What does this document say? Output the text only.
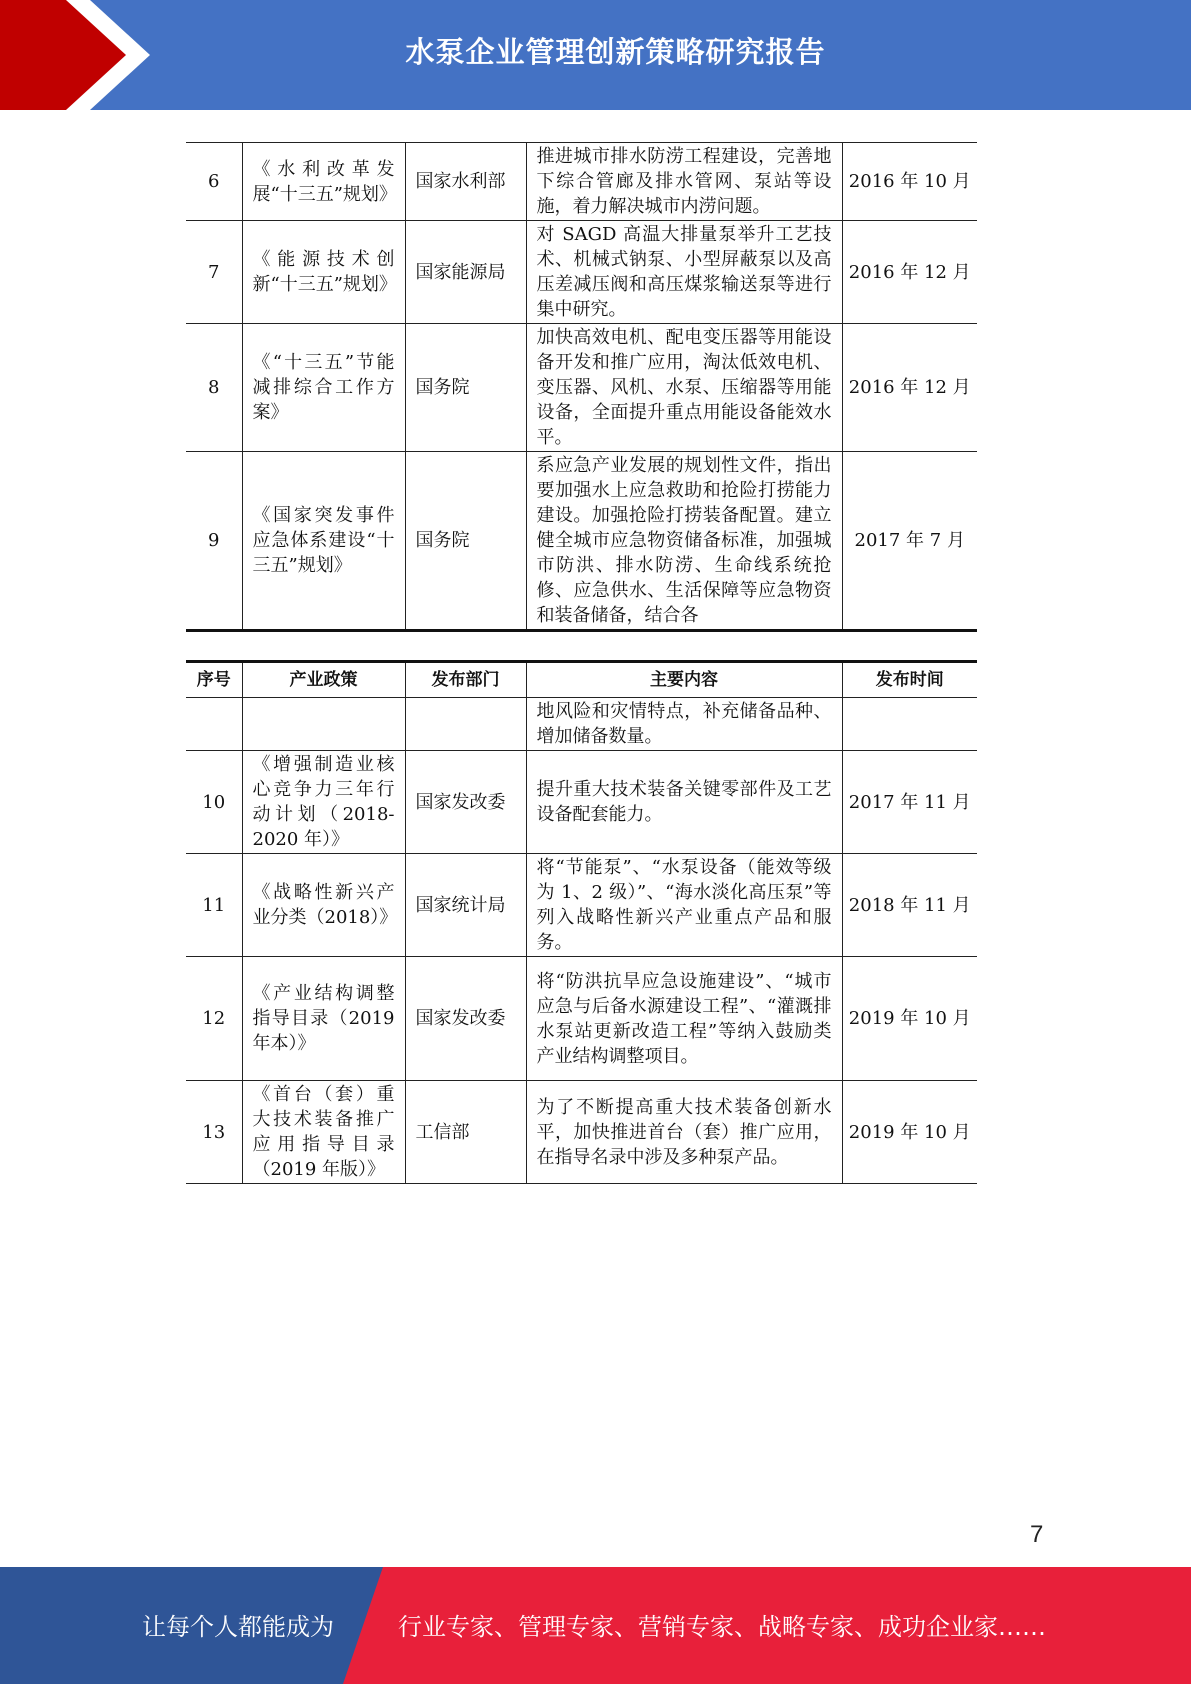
水泵企业管理创新策略研究报告
6	《水利改革发展“十三五”规划》	国家水利部	推进城市排水防涝工程建设，完善地下综合管廊及排水管网、泵站等设施，着力解决城市内涝问题。	2016 年 10 月
7	《能源技术创新“十三五”规划》	国家能源局	对 SAGD 高温大排量泵举升工艺技术、机械式钠泵、小型屏蔽泵以及高压差减压阀和高压煤浆输送泵等进行集中研究。	2016 年 12 月
8	《“十三五”节能减排综合工作方案》	国务院	加快高效电机、配电变压器等用能设备开发和推广应用，淘汰低效电机、变压器、风机、水泵、压缩器等用能设备，全面提升重点用能设备能效水平。	2016 年 12 月
9	《国家突发事件应急体系建设“十三五”规划》	国务院	系应急产业发展的规划性文件，指出要加强水上应急救助和抢险打捞能力建设。加强抢险打捞装备配置。建立健全城市应急物资储备标准，加强城市防洪、排水防涝、生命线系统抢修、应急供水、生活保障等应急物资和装备储备，结合各	2017 年 7 月
序号	产业政策	发布部门	主要内容	发布时间
			地风险和灾情特点，补充储备品种、增加储备数量。	
10	《增强制造业核心竞争力三年行动计划（2018-2020 年）》	国家发改委	提升重大技术装备关键零部件及工艺设备配套能力。	2017 年 11 月
11	《战略性新兴产业分类（2018）》	国家统计局	将“节能泵”、“水泵设备（能效等级为 1、2 级）”、“海水淡化高压泵”等列入战略性新兴产业重点产品和服务。	2018 年 11 月
12	《产业结构调整指导目录（2019 年本）》	国家发改委	将“防洪抗旱应急设施建设”、“城市应急与后备水源建设工程”、“灌溉排水泵站更新改造工程”等纳入鼓励类产业结构调整项目。	2019 年 10 月
13	《首台（套）重大技术装备推广应用指导目录（2019 年版）》	工信部	为了不断提高重大技术装备创新水平，加快推进首台（套）推广应用，在指导名录中涉及多种泵产品。	2019 年 10 月
7
让每个人都能成为	行业专家、管理专家、营销专家、战略专家、成功企业家……
